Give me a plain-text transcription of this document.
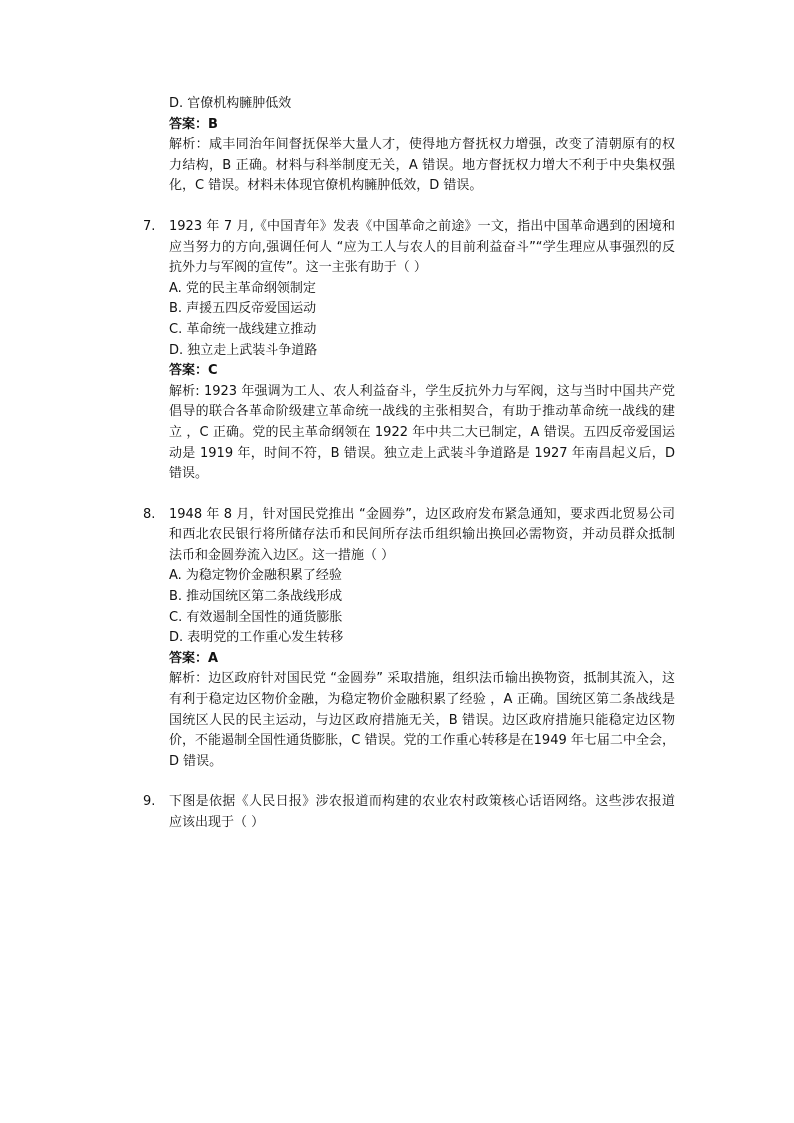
D. 官僚机构臃肿低效
答案：B
解析：咸丰同治年间督抚保举大量人才，使得地方督抚权力增强，改变了清朝原有的权力结构，B 正确。材料与科举制度无关，A 错误。地方督抚权力增大不利于中央集权强化，C 错误。材料未体现官僚机构臃肿低效，D 错误。
7. 1923 年 7 月,《中国青年》发表《中国革命之前途》一文，指出中国革命遇到的困境和应当努力的方向,强调任何人 “应为工人与农人的目前利益奋斗”“学生理应从事强烈的反抗外力与军阀的宣传”。这一主张有助于（ ）
A. 党的民主革命纲领制定
B. 声援五四反帝爱国运动
C. 革命统一战线建立推动
D. 独立走上武装斗争道路
答案：C
解析: 1923 年强调为工人、农人利益奋斗，学生反抗外力与军阀，这与当时中国共产党倡导的联合各革命阶级建立革命统一战线的主张相契合，有助于推动革命统一战线的建立 ，C 正确。党的民主革命纲领在 1922 年中共二大已制定，A 错误。五四反帝爱国运动是 1919 年，时间不符，B 错误。独立走上武装斗争道路是 1927 年南昌起义后，D 错误。
8. 1948 年 8 月，针对国民党推出 “金圆券”，边区政府发布紧急通知，要求西北贸易公司和西北农民银行将所储存法币和民间所存法币组织输出换回必需物资，并动员群众抵制法币和金圆券流入边区。这一措施（ ）
A. 为稳定物价金融积累了经验
B. 推动国统区第二条战线形成
C. 有效遏制全国性的通货膨胀
D. 表明党的工作重心发生转移
答案：A
解析：边区政府针对国民党 “金圆券” 采取措施，组织法币输出换物资，抵制其流入，这有利于稳定边区物价金融，为稳定物价金融积累了经验 ，A 正确。国统区第二条战线是国统区人民的民主运动，与边区政府措施无关，B 错误。边区政府措施只能稳定边区物价，不能遏制全国性通货膨胀，C 错误。党的工作重心转移是在1949 年七届二中全会，D 错误。
9. 下图是依据《人民日报》涉农报道而构建的农业农村政策核心话语网络。这些涉农报道应该出现于（ ）
